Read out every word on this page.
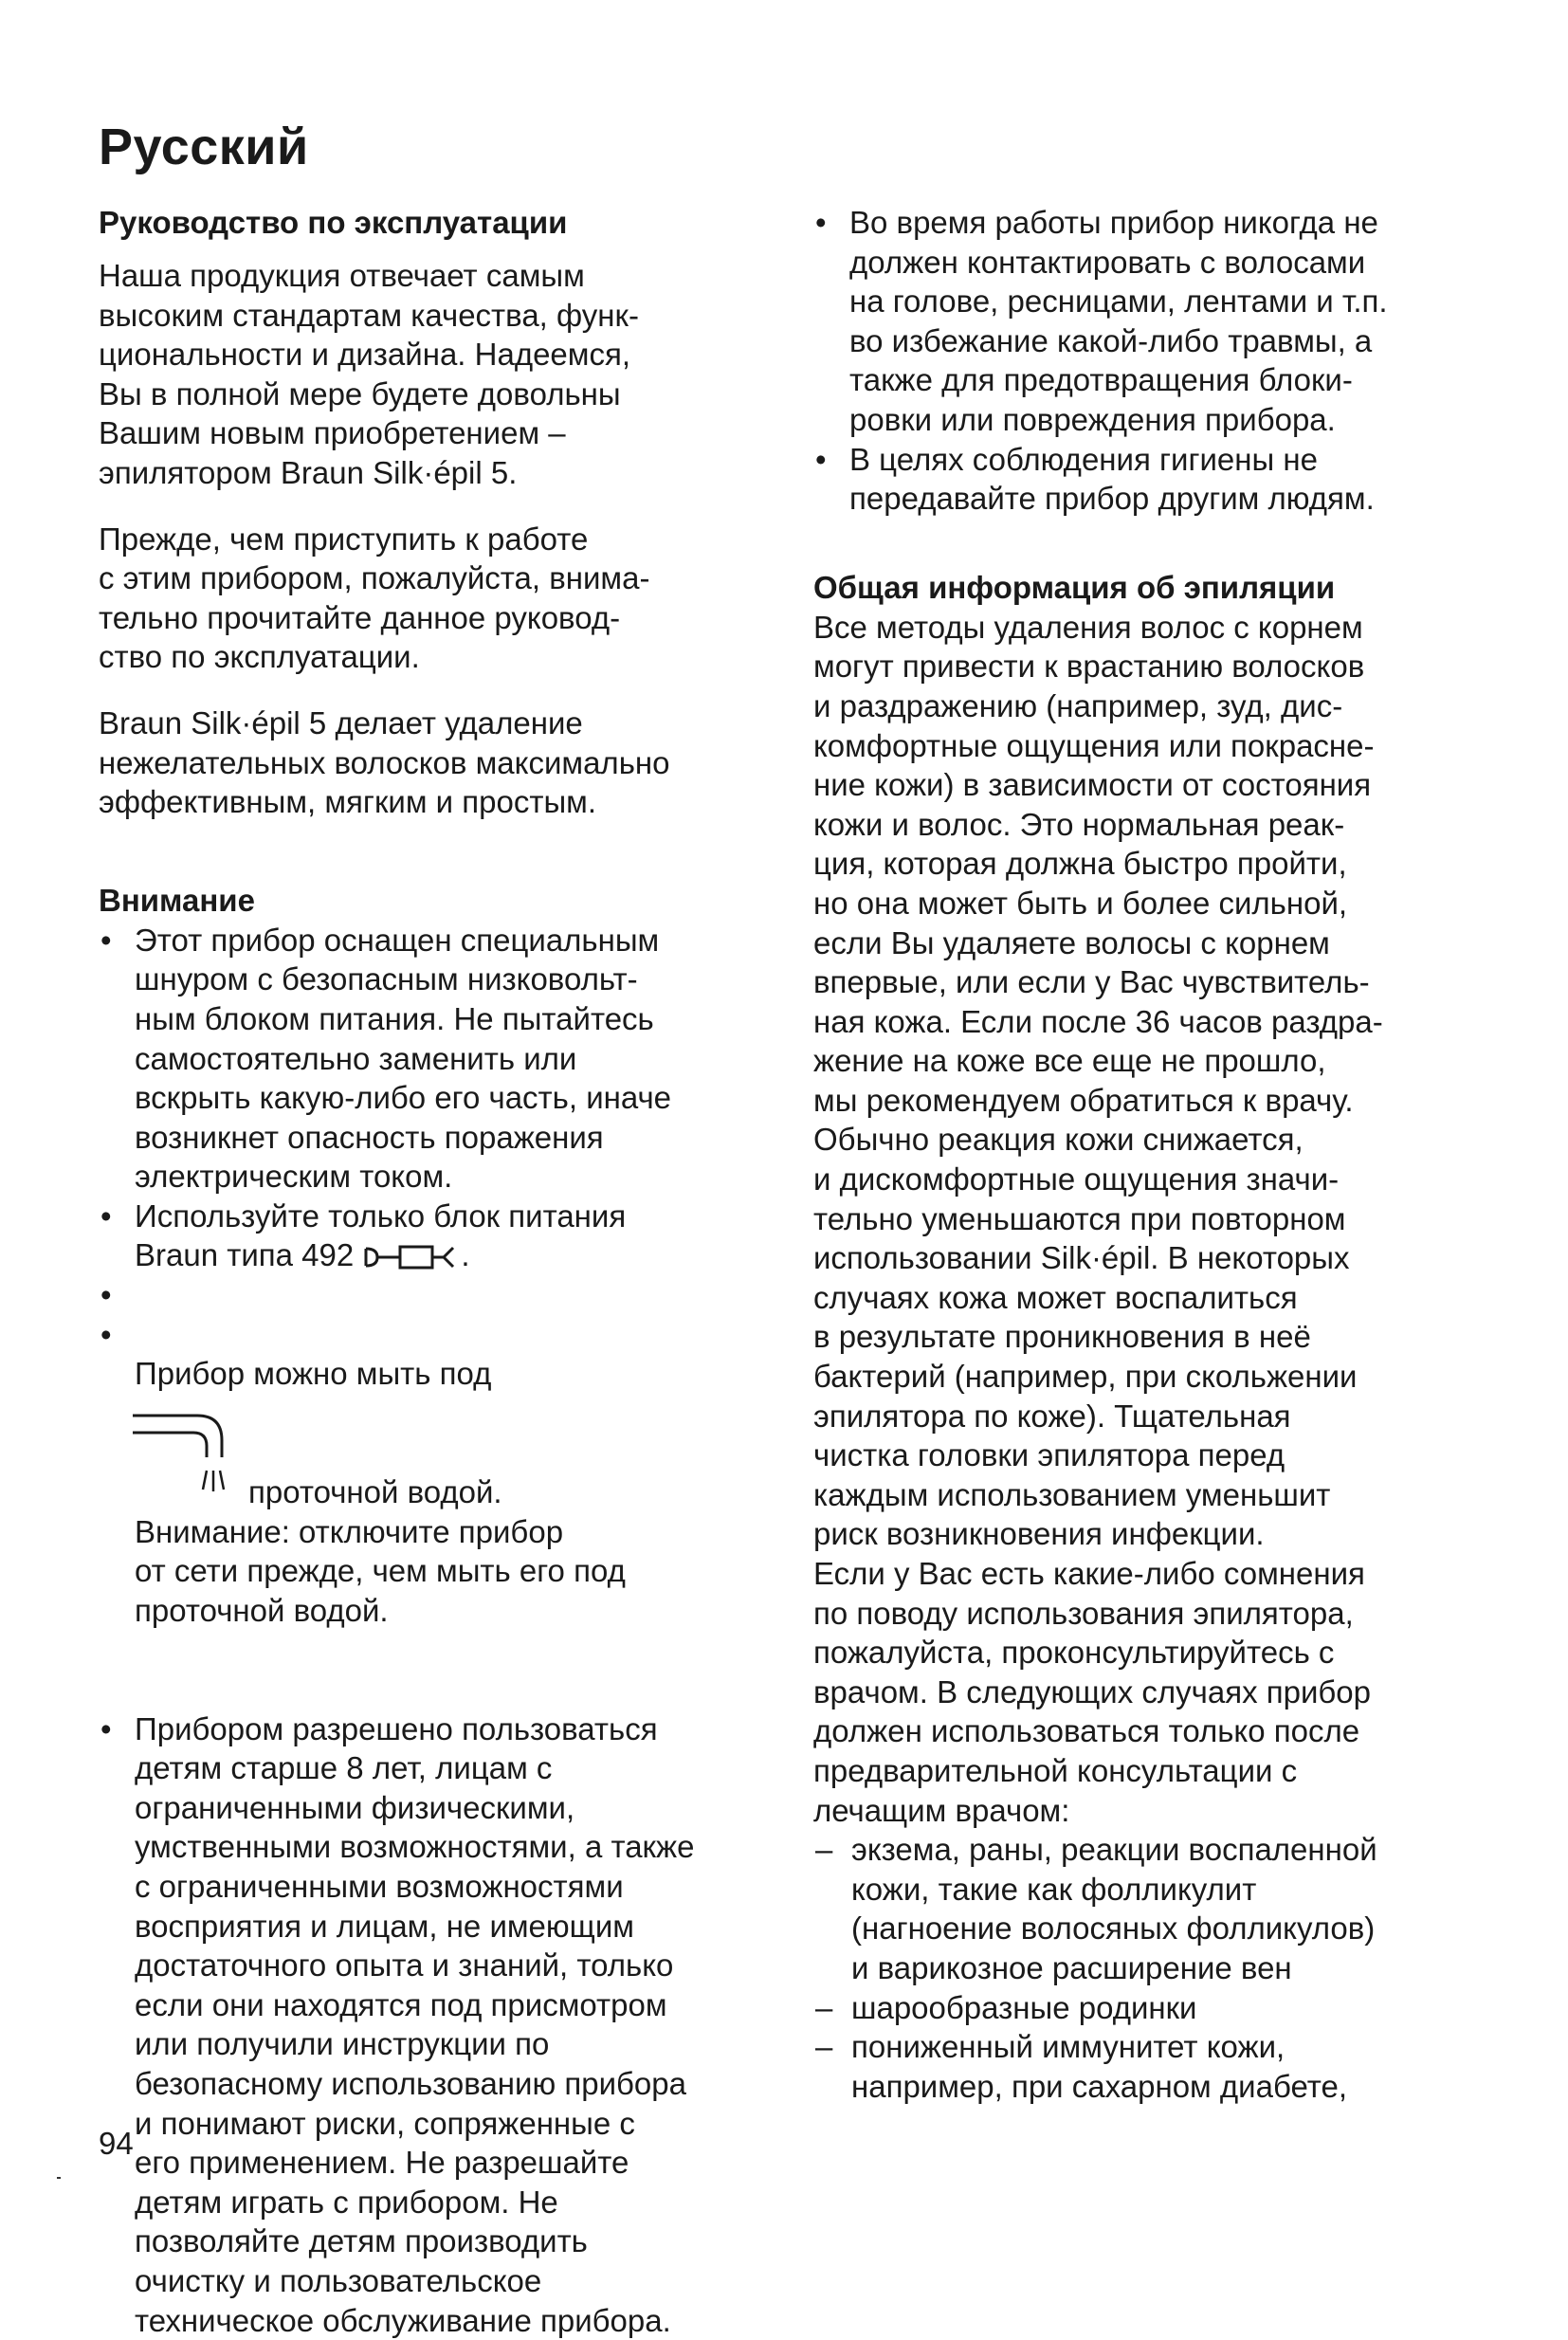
Русский
Руководство по эксплуатации

Наша продукция отвечает самым
высоким стандартам качества, функ-
циональности и дизайна. Надеемся,
Вы в полной мере будете довольны
Вашим новым приобретением –
эпилятором Braun Silk·épil 5.

Прежде, чем приступить к работе
с этим прибором, пожалуйста, внима-
тельно прочитайте данное руковод-
ство по эксплуатации.

Braun Silk·épil 5 делает удаление
нежелательных волосков максимально
эффективным, мягким и простым.

Внимание
• Этот прибор оснащен специальным
шнуром с безопасным низковольт-
ным блоком питания. Не пытайтесь
самостоятельно заменить или
вскрыть какую-либо его часть, иначе
возникнет опасность поражения
электрическим током.
• Используйте только блок питания
Braun типа 492	.

• • Прибор можно мыть под

проточной водой.
Внимание: отключите прибор
от сети прежде, чем мыть его под
проточной водой.

• Прибором разрешено пользоваться
детям старше 8 лет, лицам с
ограниченными физическими,
умственными возможностями, а также
с ограниченными возможностями
восприятия и лицам, не имеющим
достаточного опыта и знаний, только
если они находятся под присмотром
или получили инструкции по
безопасному использованию прибора
и понимают риски, сопряженные с
его применением. Не разрешайте
детям играть с прибором. Не
позволяйте детям производить
очистку и пользовательское
техническое обслуживание прибора.
• Во время работы прибор никогда не
должен контактировать с волосами
на голове, ресницами, лентами и т.п.
во избежание какой-либо травмы, а
также для предотвращения блоки-
ровки или повреждения прибора.
• В целях соблюдения гигиены не
передавайте прибор другим людям.
Общая информация об эпиляции

Все методы удаления волос с корнем
могут привести к врастанию волосков
и раздражению (например, зуд, дис-
комфортные ощущения или покрасне-
ние кожи) в зависимости от состояния
кожи и волос. Это нормальная реак-
ция, которая должна быстро пройти,
но она может быть и более сильной,
если Вы удаляете волосы с корнем
впервые, или если у Вас чувствитель-
ная кожа. Если после 36 часов раздра-
жение на коже все еще не прошло,
мы рекомендуем обратиться к врачу.
Обычно реакция кожи снижается,
и дискомфортные ощущения значи-
тельно уменьшаются при повторном
использовании Silk·épil. В некоторых
случаях кожа может воспалиться
в результате проникновения в неё
бактерий (например, при скольжении
эпилятора по коже). Тщательная
чистка головки эпилятора перед
каждым использованием уменьшит
риск возникновения инфекции.
Если у Вас есть какие-либо сомнения
по поводу использования эпилятора,
пожалуйста, проконсультируйтесь с
врачом. В следующих случаях прибор
должен использоваться только после
предварительной консультации с
лечащим врачом:

– экзема, раны, реакции воспаленной
кожи, такие как фолликулит
(нагноение волосяных фолликулов)
и варикозное расширение вен
– шарообразные родинки
– пониженный иммунитет кожи,
например, при сахарном диабете,
94
